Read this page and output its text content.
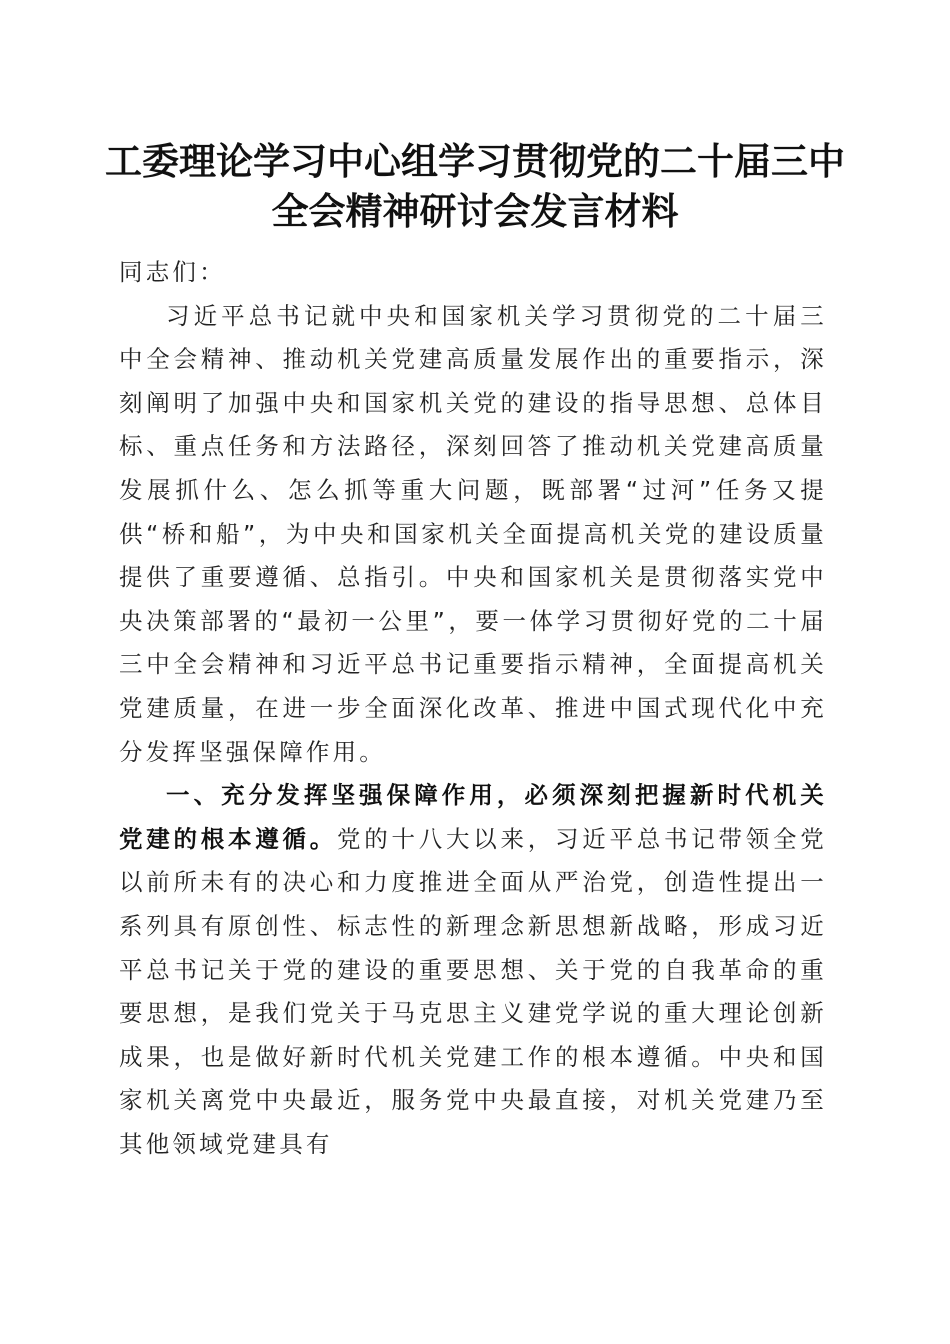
工委理论学习中心组学习贯彻党的二十届三中
全会精神研讨会发言材料

同志们：

习近平总书记就中央和国家机关学习贯彻党的二十届三中全会精神、推动机关党建高质量发展作出的重要指示，深刻阐明了加强中央和国家机关党的建设的指导思想、总体目标、重点任务和方法路径，深刻回答了推动机关党建高质量发展抓什么、怎么抓等重大问题，既部署“过河”任务又提供“桥和船”，为中央和国家机关全面提高机关党的建设质量提供了重要遵循、总指引。中央和国家机关是贯彻落实党中央决策部署的“最初一公里”，要一体学习贯彻好党的二十届三中全会精神和习近平总书记重要指示精神，全面提高机关党建质量，在进一步全面深化改革、推进中国式现代化中充分发挥坚强保障作用。

一、充分发挥坚强保障作用，必须深刻把握新时代机关党建的根本遵循。党的十八大以来，习近平总书记带领全党以前所未有的决心和力度推进全面从严治党，创造性提出一系列具有原创性、标志性的新理念新思想新战略，形成习近平总书记关于党的建设的重要思想、关于党的自我革命的重要思想，是我们党关于马克思主义建党学说的重大理论创新成果，也是做好新时代机关党建工作的根本遵循。中央和国家机关离党中央最近，服务党中央最直接，对机关党建乃至其他领域党建具有
